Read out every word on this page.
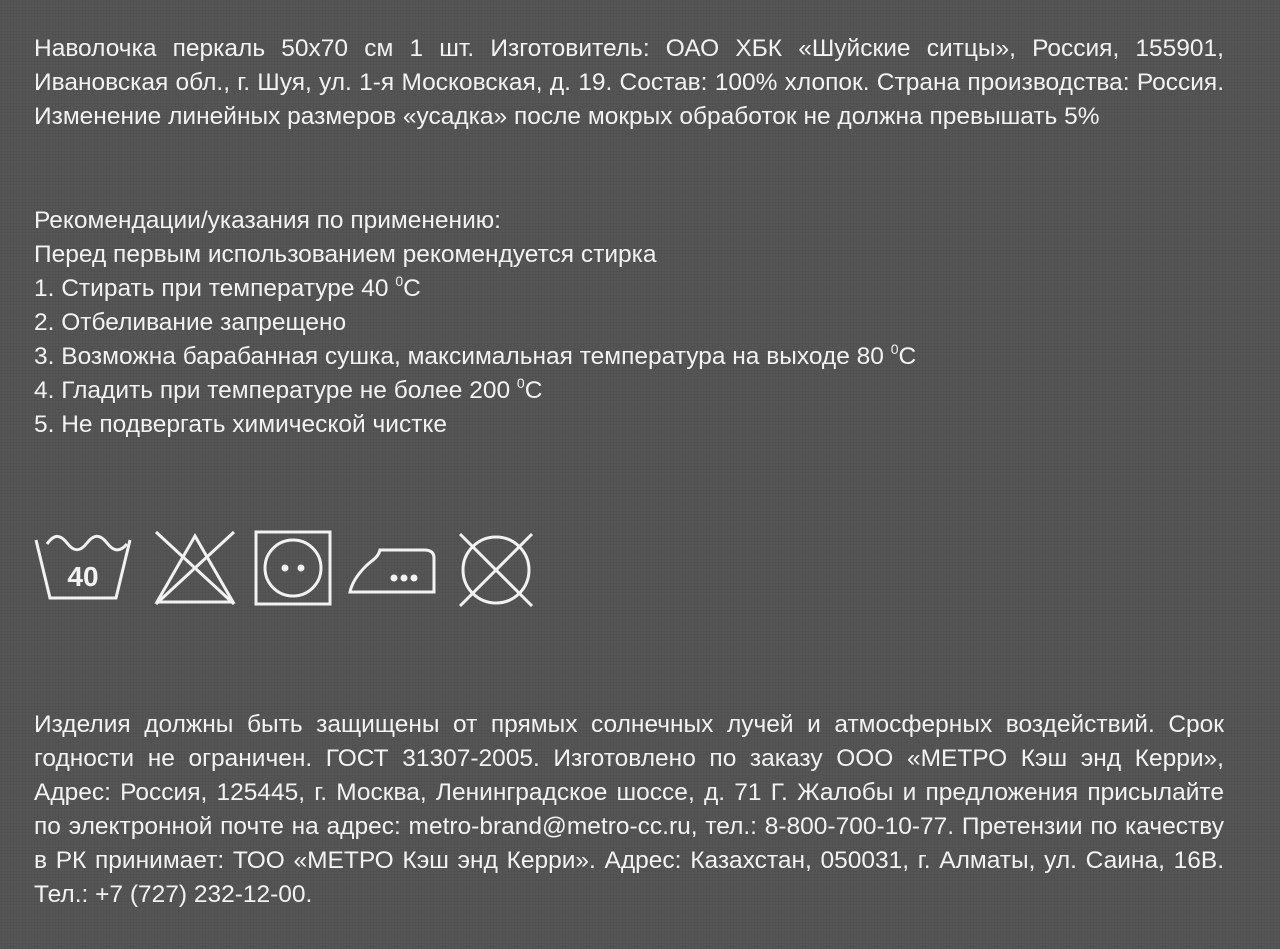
Наволочка перкаль 50х70 см 1 шт. Изготовитель: ОАО ХБК «Шуйские ситцы», Россия, 155901, Ивановская обл., г. Шуя, ул. 1-я Московская, д. 19. Состав: 100% хлопок. Страна производства: Россия. Изменение линейных размеров «усадка» после мокрых обработок не должна превышать 5%

Рекомендации/указания по применению:

Перед первым использованием рекомендуется стирка

1. Стирать при температуре 40 $^0$С

2. Отбеливание запрещено

3. Возможна барабанная сушка, максимальная температура на выходе 80 $^0$С

4. Гладить при температуре не более 200 $^0$С

5. Не подвергать химической чистке

40

Изделия должны быть защищены от прямых солнечных лучей и атмосферных воздействий. Срок годности не ограничен. ГОСТ 31307-2005. Изготовлено по заказу ООО «МЕТРО Кэш энд Керри», Адрес: Россия, 125445, г. Москва, Ленинградское шоссе, д. 71 Г. Жалобы и предложения присылайте по электронной почте на адрес: metro-brand@metro-cc.ru, тел.: 8-800-700-10-77. Претензии по качеству в РК принимает: ТОО «МЕТРО Кэш энд Керри». Адрес: Казахстан, 050031, г. Алматы, ул. Саина, 16В. Тел.: +7 (727) 232-12-00.
